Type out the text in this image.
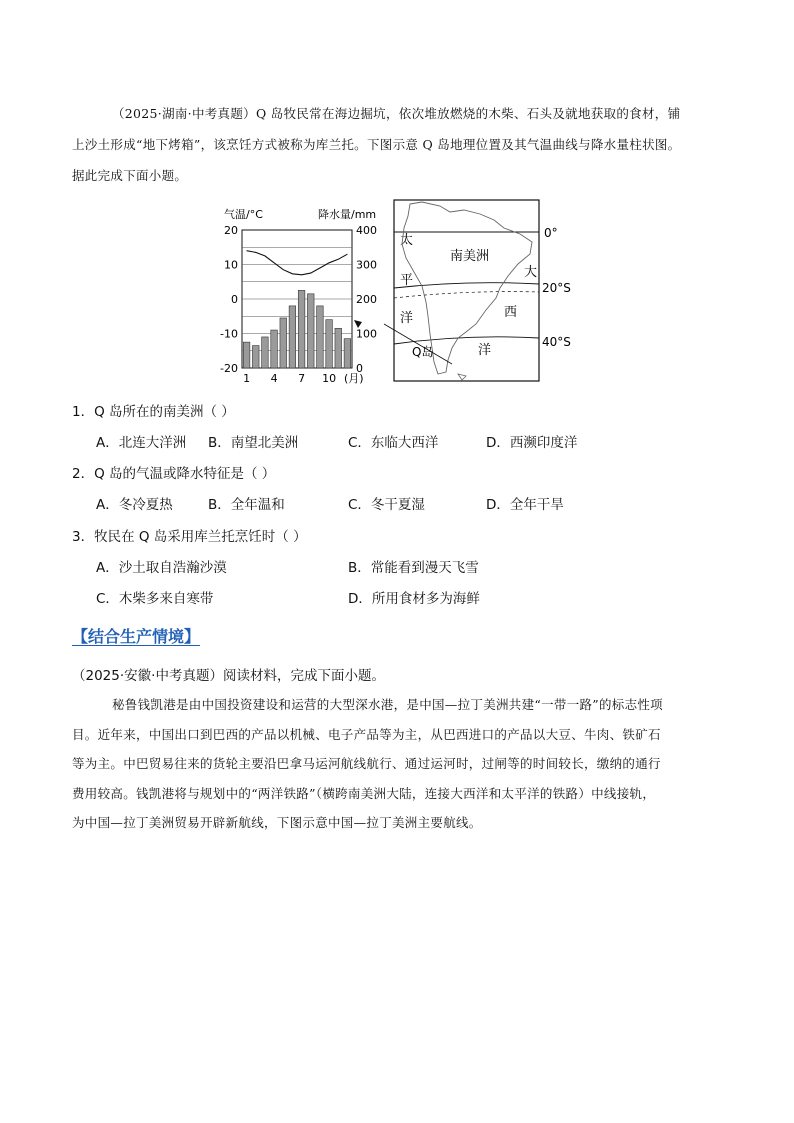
（2025·湖南·中考真题）Q 岛牧民常在海边掘坑，依次堆放燃烧的木柴、石头及就地获取的食材，铺

上沙土形成“地下烤箱”，该烹饪方式被称为库兰托。下图示意 Q 岛地理位置及其气温曲线与降水量柱状图。

据此完成下面小题。

气温/°C	降水量/mm
20
10
0
-10
-20
400
300
200
100
0
1 4 7 10 (月)
南美洲
太
平
洋
大
西
洋
0°
20°S
40°S
Q岛
1．Q 岛所在的南美洲（ ）
A．北连大洋洲 B．南望北美洲	C．东临大西洋	D．西濒印度洋
2．Q 岛的气温或降水特征是（ ）
A．冬冷夏热	B．全年温和	C．冬干夏湿	D．全年干旱
3．牧民在 Q 岛采用库兰托烹饪时（ ）
A．沙土取自浩瀚沙漠	B．常能看到漫天飞雪
C．木柴多来自寒带	D．所用食材多为海鲜
【结合生产情境】
（2025·安徽·中考真题）阅读材料，完成下面小题。

秘鲁钱凯港是由中国投资建设和运营的大型深水港，是中国—拉丁美洲共建“一带一路”的标志性项

目。近年来，中国出口到巴西的产品以机械、电子产品等为主，从巴西进口的产品以大豆、牛肉、铁矿石

等为主。中巴贸易往来的货轮主要沿巴拿马运河航线航行、通过运河时，过闸等的时间较长，缴纳的通行

费用较高。钱凯港将与规划中的“两洋铁路”（横跨南美洲大陆，连接大西洋和太平洋的铁路）中线接轨，

为中国—拉丁美洲贸易开辟新航线，下图示意中国—拉丁美洲主要航线。
